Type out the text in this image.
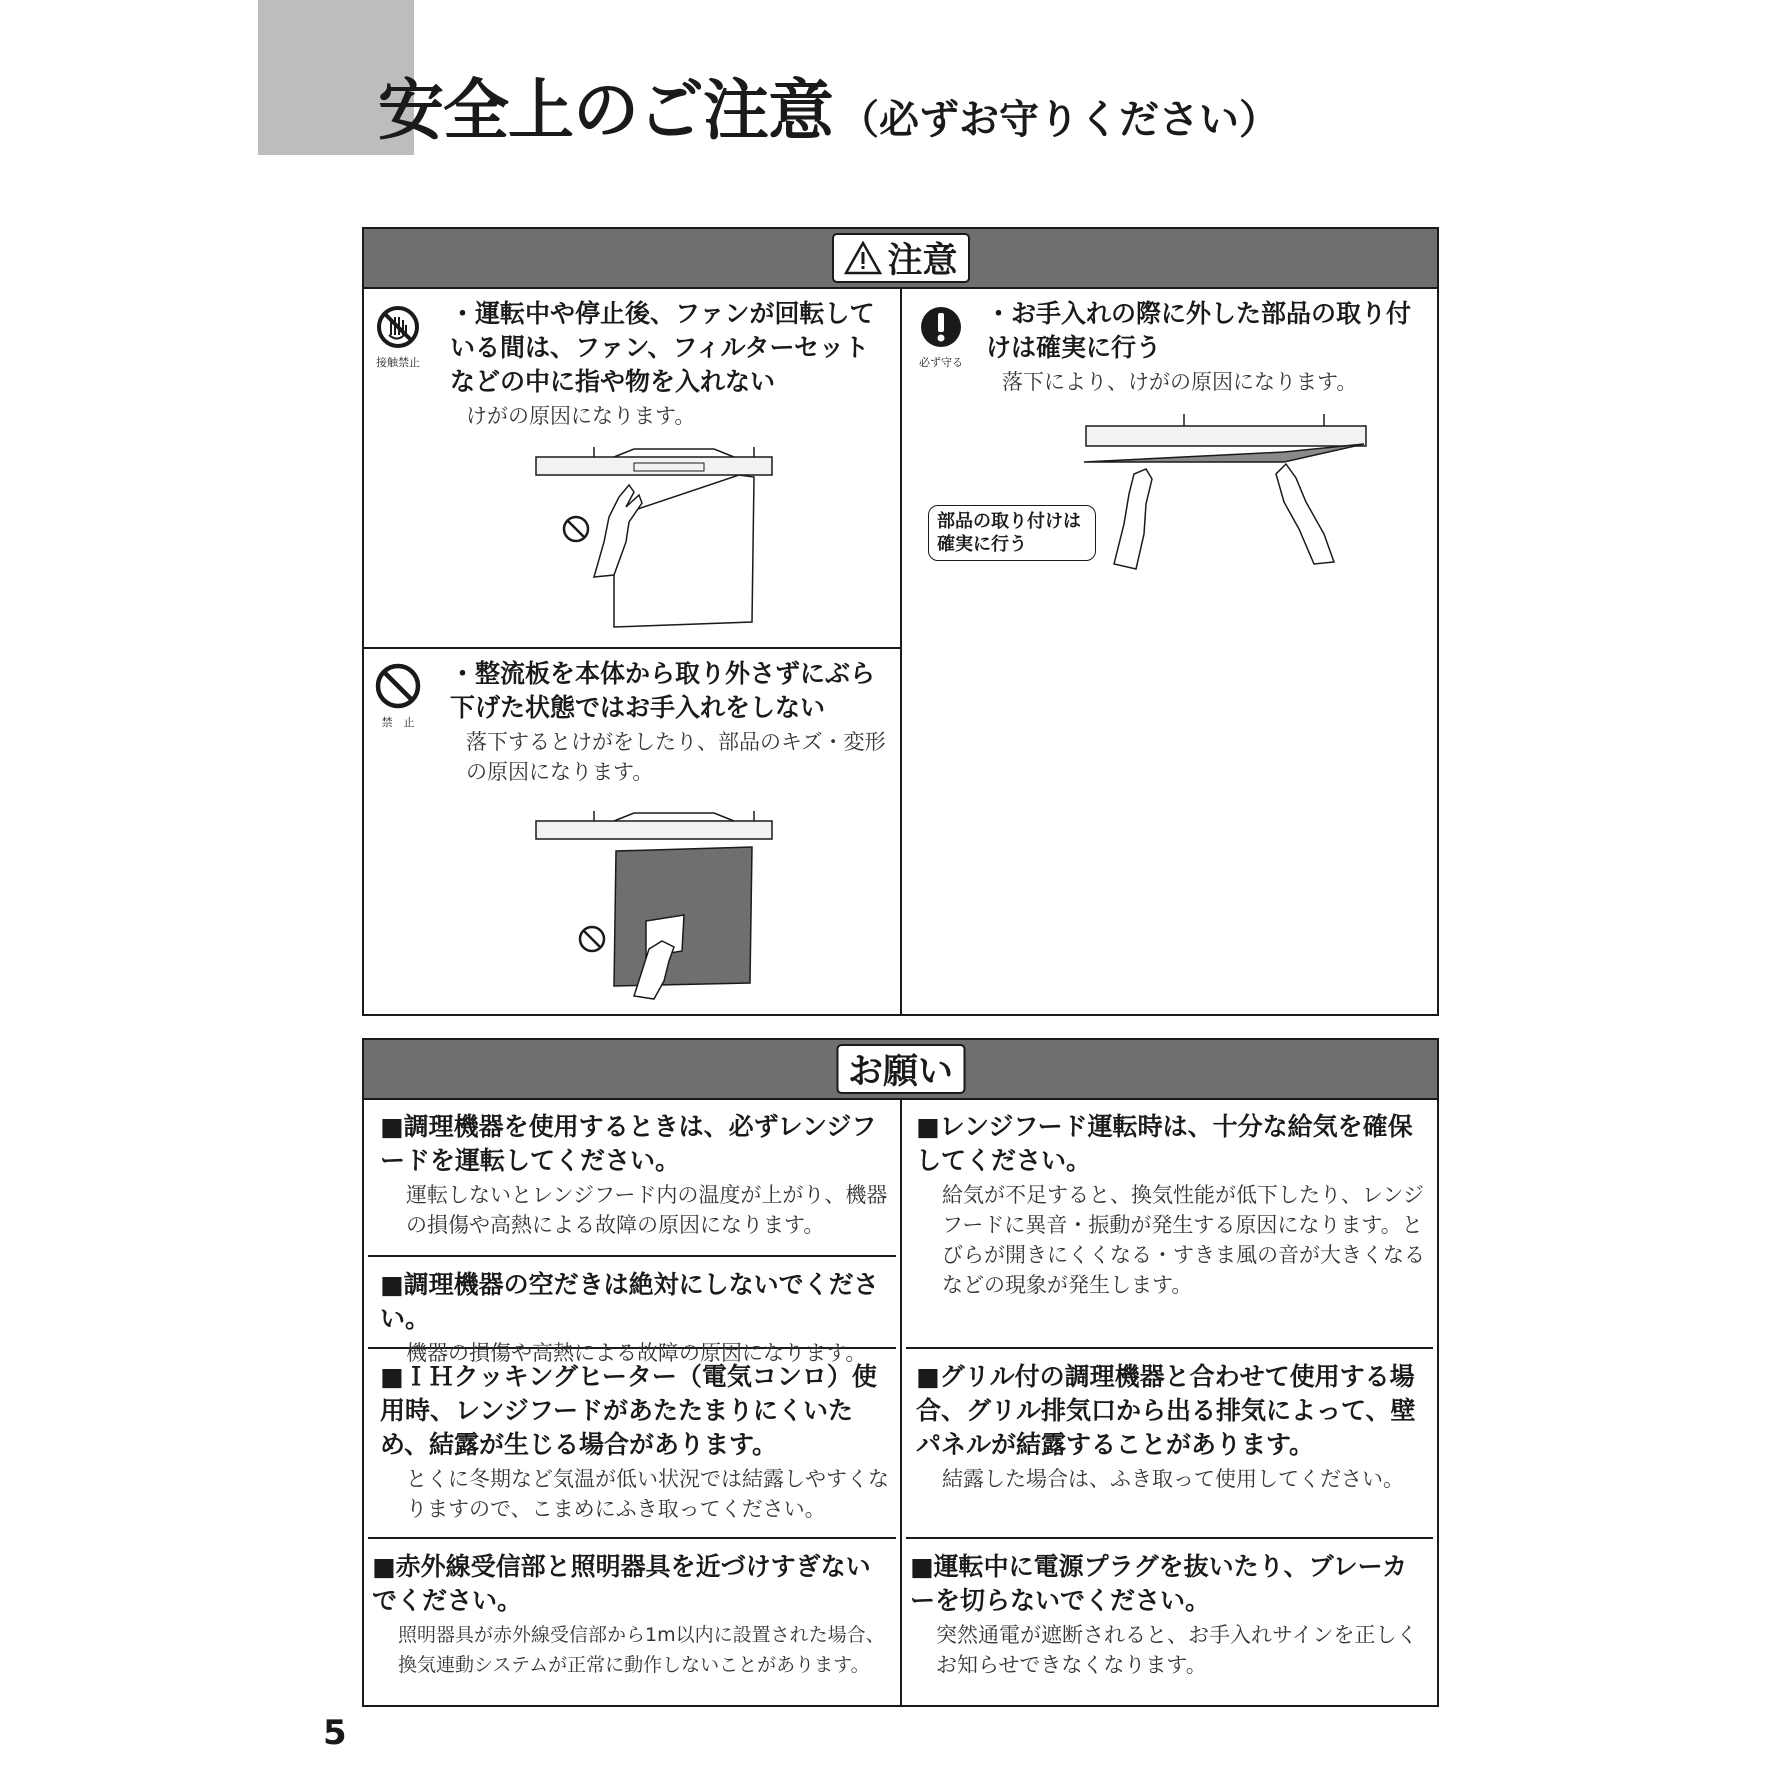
安全上のご注意 （必ずお守りください）
注意
接触禁止
・運転中や停止後、ファンが回転している間は、ファン、フィルターセットなどの中に指や物を入れない
けがの原因になります。
禁　止
・整流板を本体から取り外さずにぶら下げた状態ではお手入れをしない
落下するとけがをしたり、部品のキズ・変形の原因になります。
必ず守る
・お手入れの際に外した部品の取り付けは確実に行う
落下により、けがの原因になります。
部品の取り付けは確実に行う
お願い
■調理機器を使用するときは、必ずレンジフードを運転してください。
運転しないとレンジフード内の温度が上がり、機器の損傷や高熱による故障の原因になります。
■調理機器の空だきは絶対にしないでください。
機器の損傷や高熱による故障の原因になります。
■ＩＨクッキングヒーター（電気コンロ）使用時、レンジフードがあたたまりにくいため、結露が生じる場合があります。
とくに冬期など気温が低い状況では結露しやすくなりますので、こまめにふき取ってください。
■赤外線受信部と照明器具を近づけすぎないでください。
照明器具が赤外線受信部から1m以内に設置された場合、換気連動システムが正常に動作しないことがあります。
■レンジフード運転時は、十分な給気を確保してください。
給気が不足すると、換気性能が低下したり、レンジフードに異音・振動が発生する原因になります。とびらが開きにくくなる・すきま風の音が大きくなるなどの現象が発生します。
■グリル付の調理機器と合わせて使用する場合、グリル排気口から出る排気によって、壁パネルが結露することがあります。
結露した場合は、ふき取って使用してください。
■運転中に電源プラグを抜いたり、ブレーカーを切らないでください。
突然通電が遮断されると、お手入れサインを正しくお知らせできなくなります。
5
